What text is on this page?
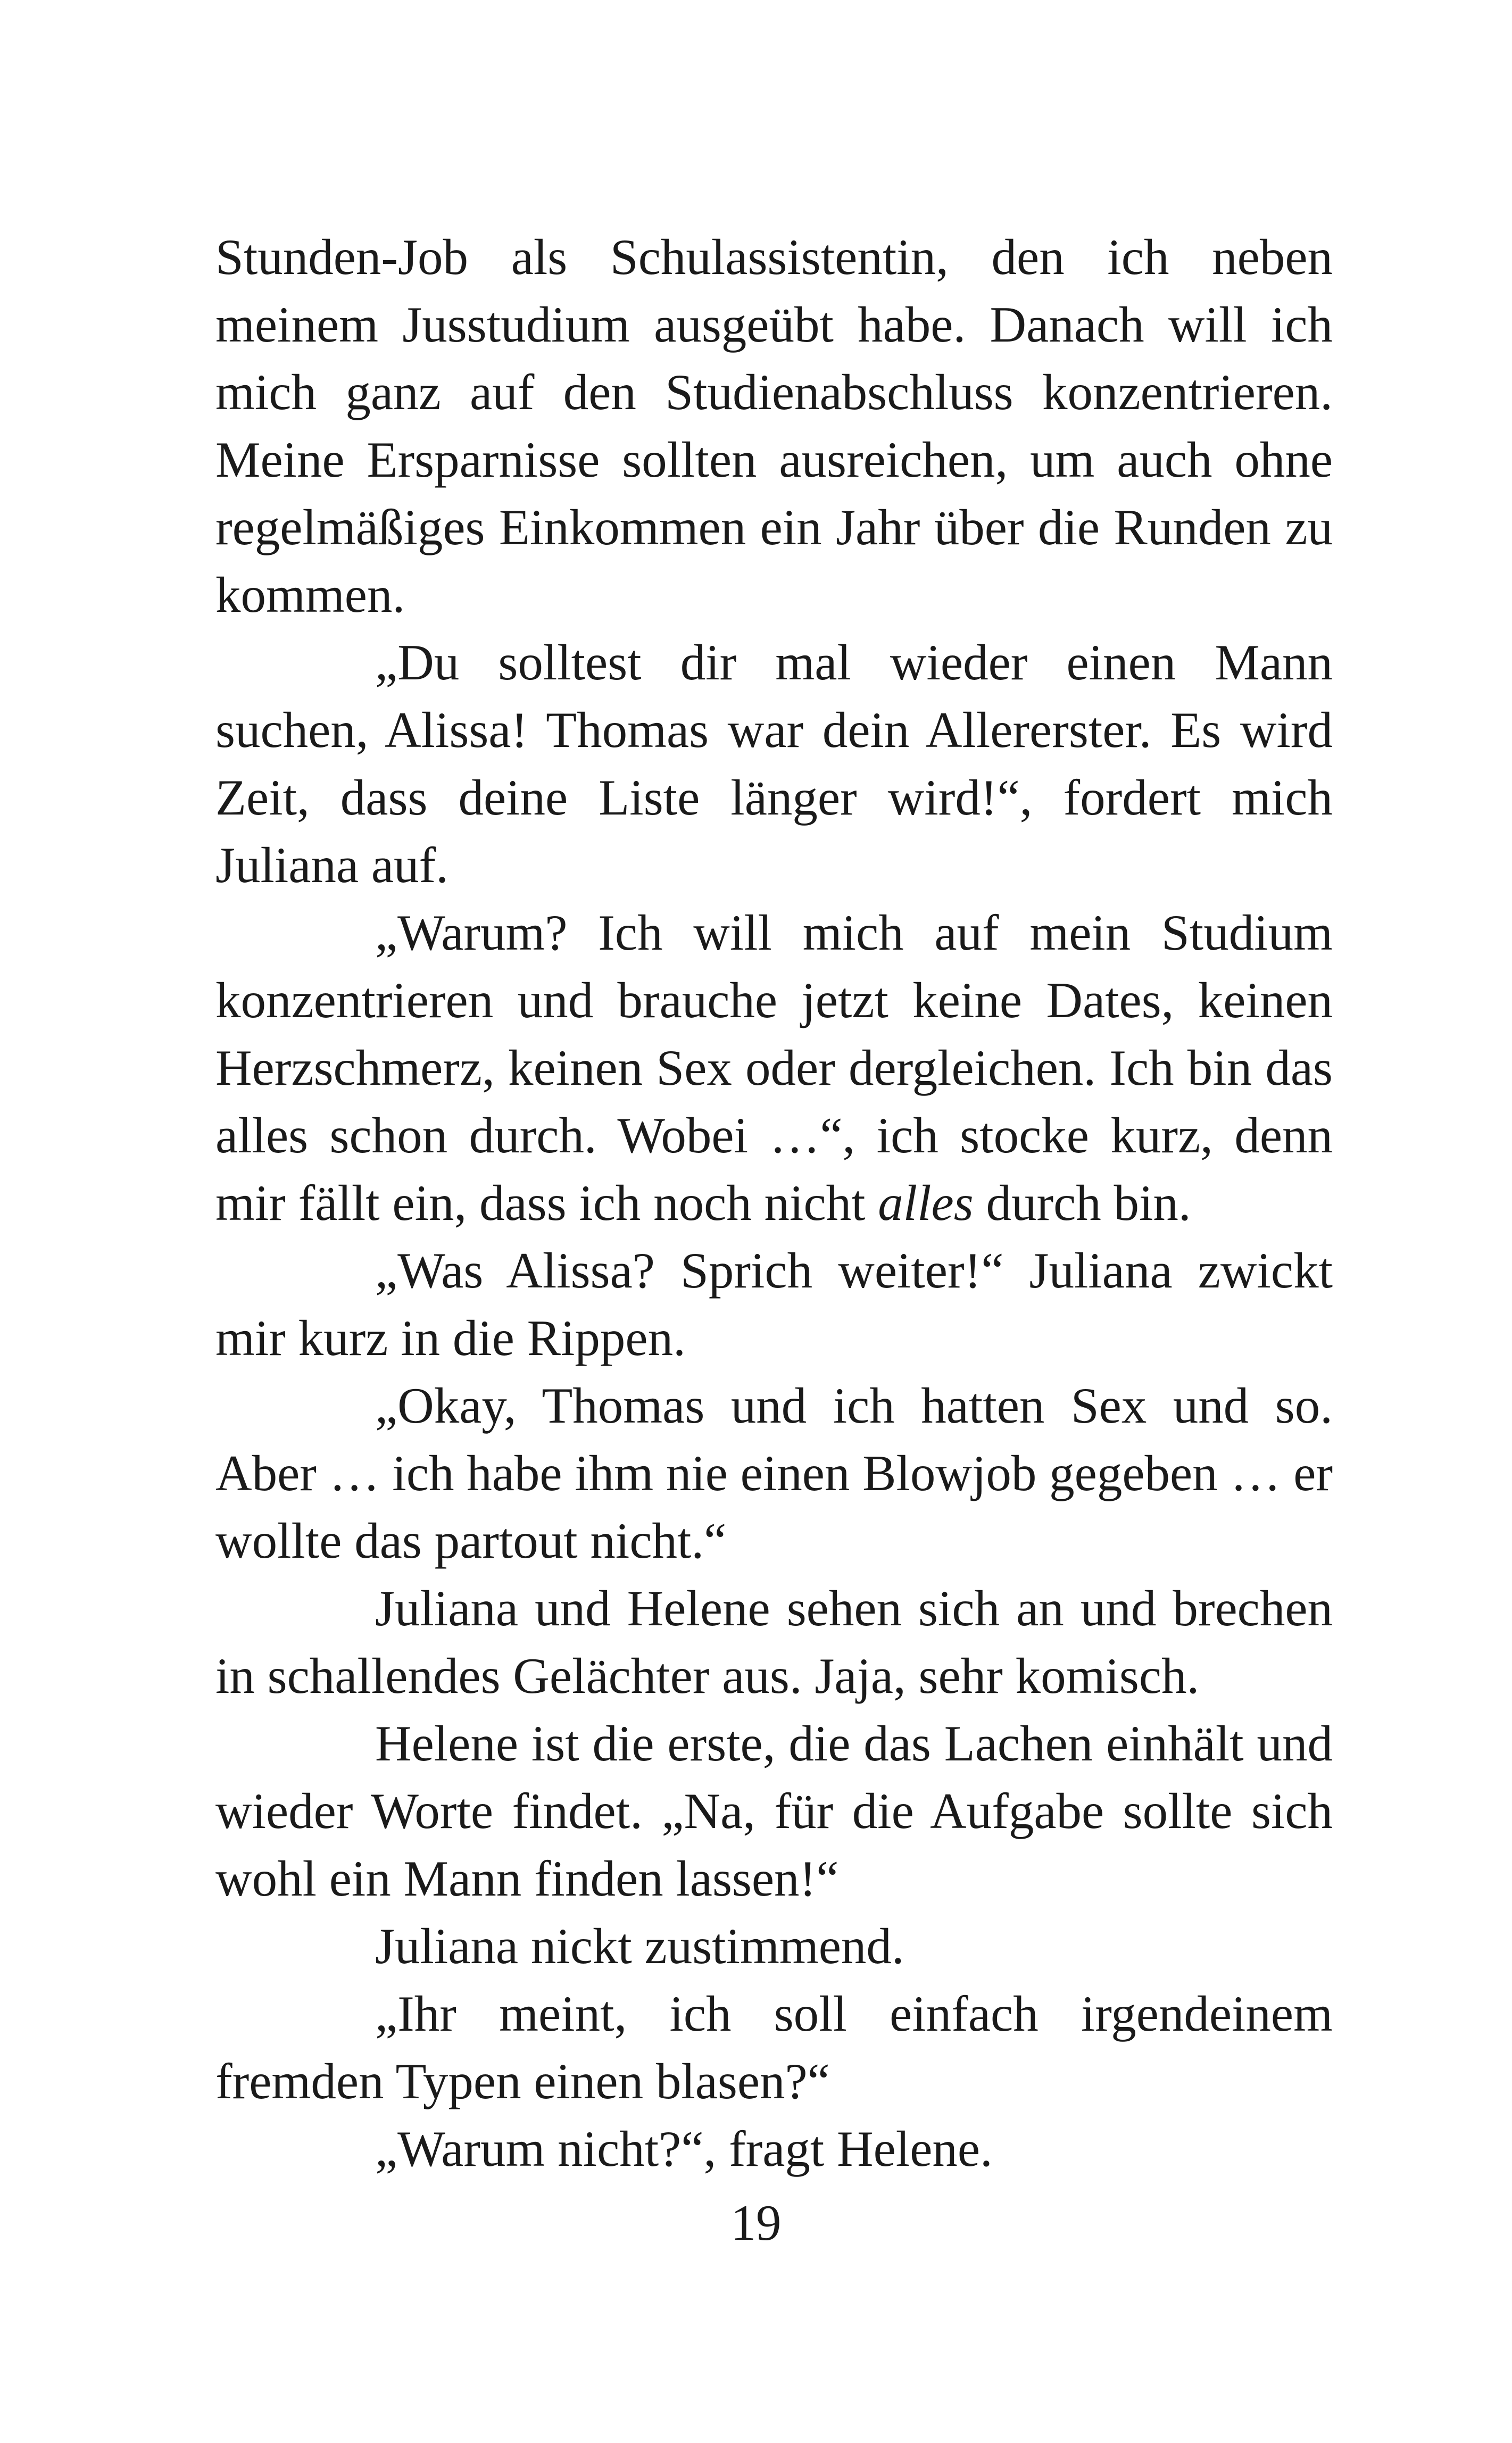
Stunden-Job als Schulassistentin, den ich neben meinem Jusstudium ausgeübt habe. Danach will ich mich ganz auf den Studienabschluss konzentrieren. Meine Ersparnisse sollten ausreichen, um auch ohne regelmäßiges Einkommen ein Jahr über die Runden zu kommen.

„Du solltest dir mal wieder einen Mann suchen, Alissa! Thomas war dein Allererster. Es wird Zeit, dass deine Liste länger wird!“, fordert mich Juliana auf.

„Warum? Ich will mich auf mein Studium konzentrieren und brauche jetzt keine Dates, keinen Herzschmerz, keinen Sex oder dergleichen. Ich bin das alles schon durch. Wobei …“, ich stocke kurz, denn mir fällt ein, dass ich noch nicht alles durch bin.

„Was Alissa? Sprich weiter!“ Juliana zwickt mir kurz in die Rippen.

„Okay, Thomas und ich hatten Sex und so. Aber … ich habe ihm nie einen Blowjob gegeben … er wollte das partout nicht.“

Juliana und Helene sehen sich an und brechen in schallendes Gelächter aus. Jaja, sehr komisch.

Helene ist die erste, die das Lachen einhält und wieder Worte findet. „Na, für die Aufgabe sollte sich wohl ein Mann finden lassen!“

Juliana nickt zustimmend.

„Ihr meint, ich soll einfach irgendeinem fremden Typen einen blasen?“

„Warum nicht?“, fragt Helene.

19
